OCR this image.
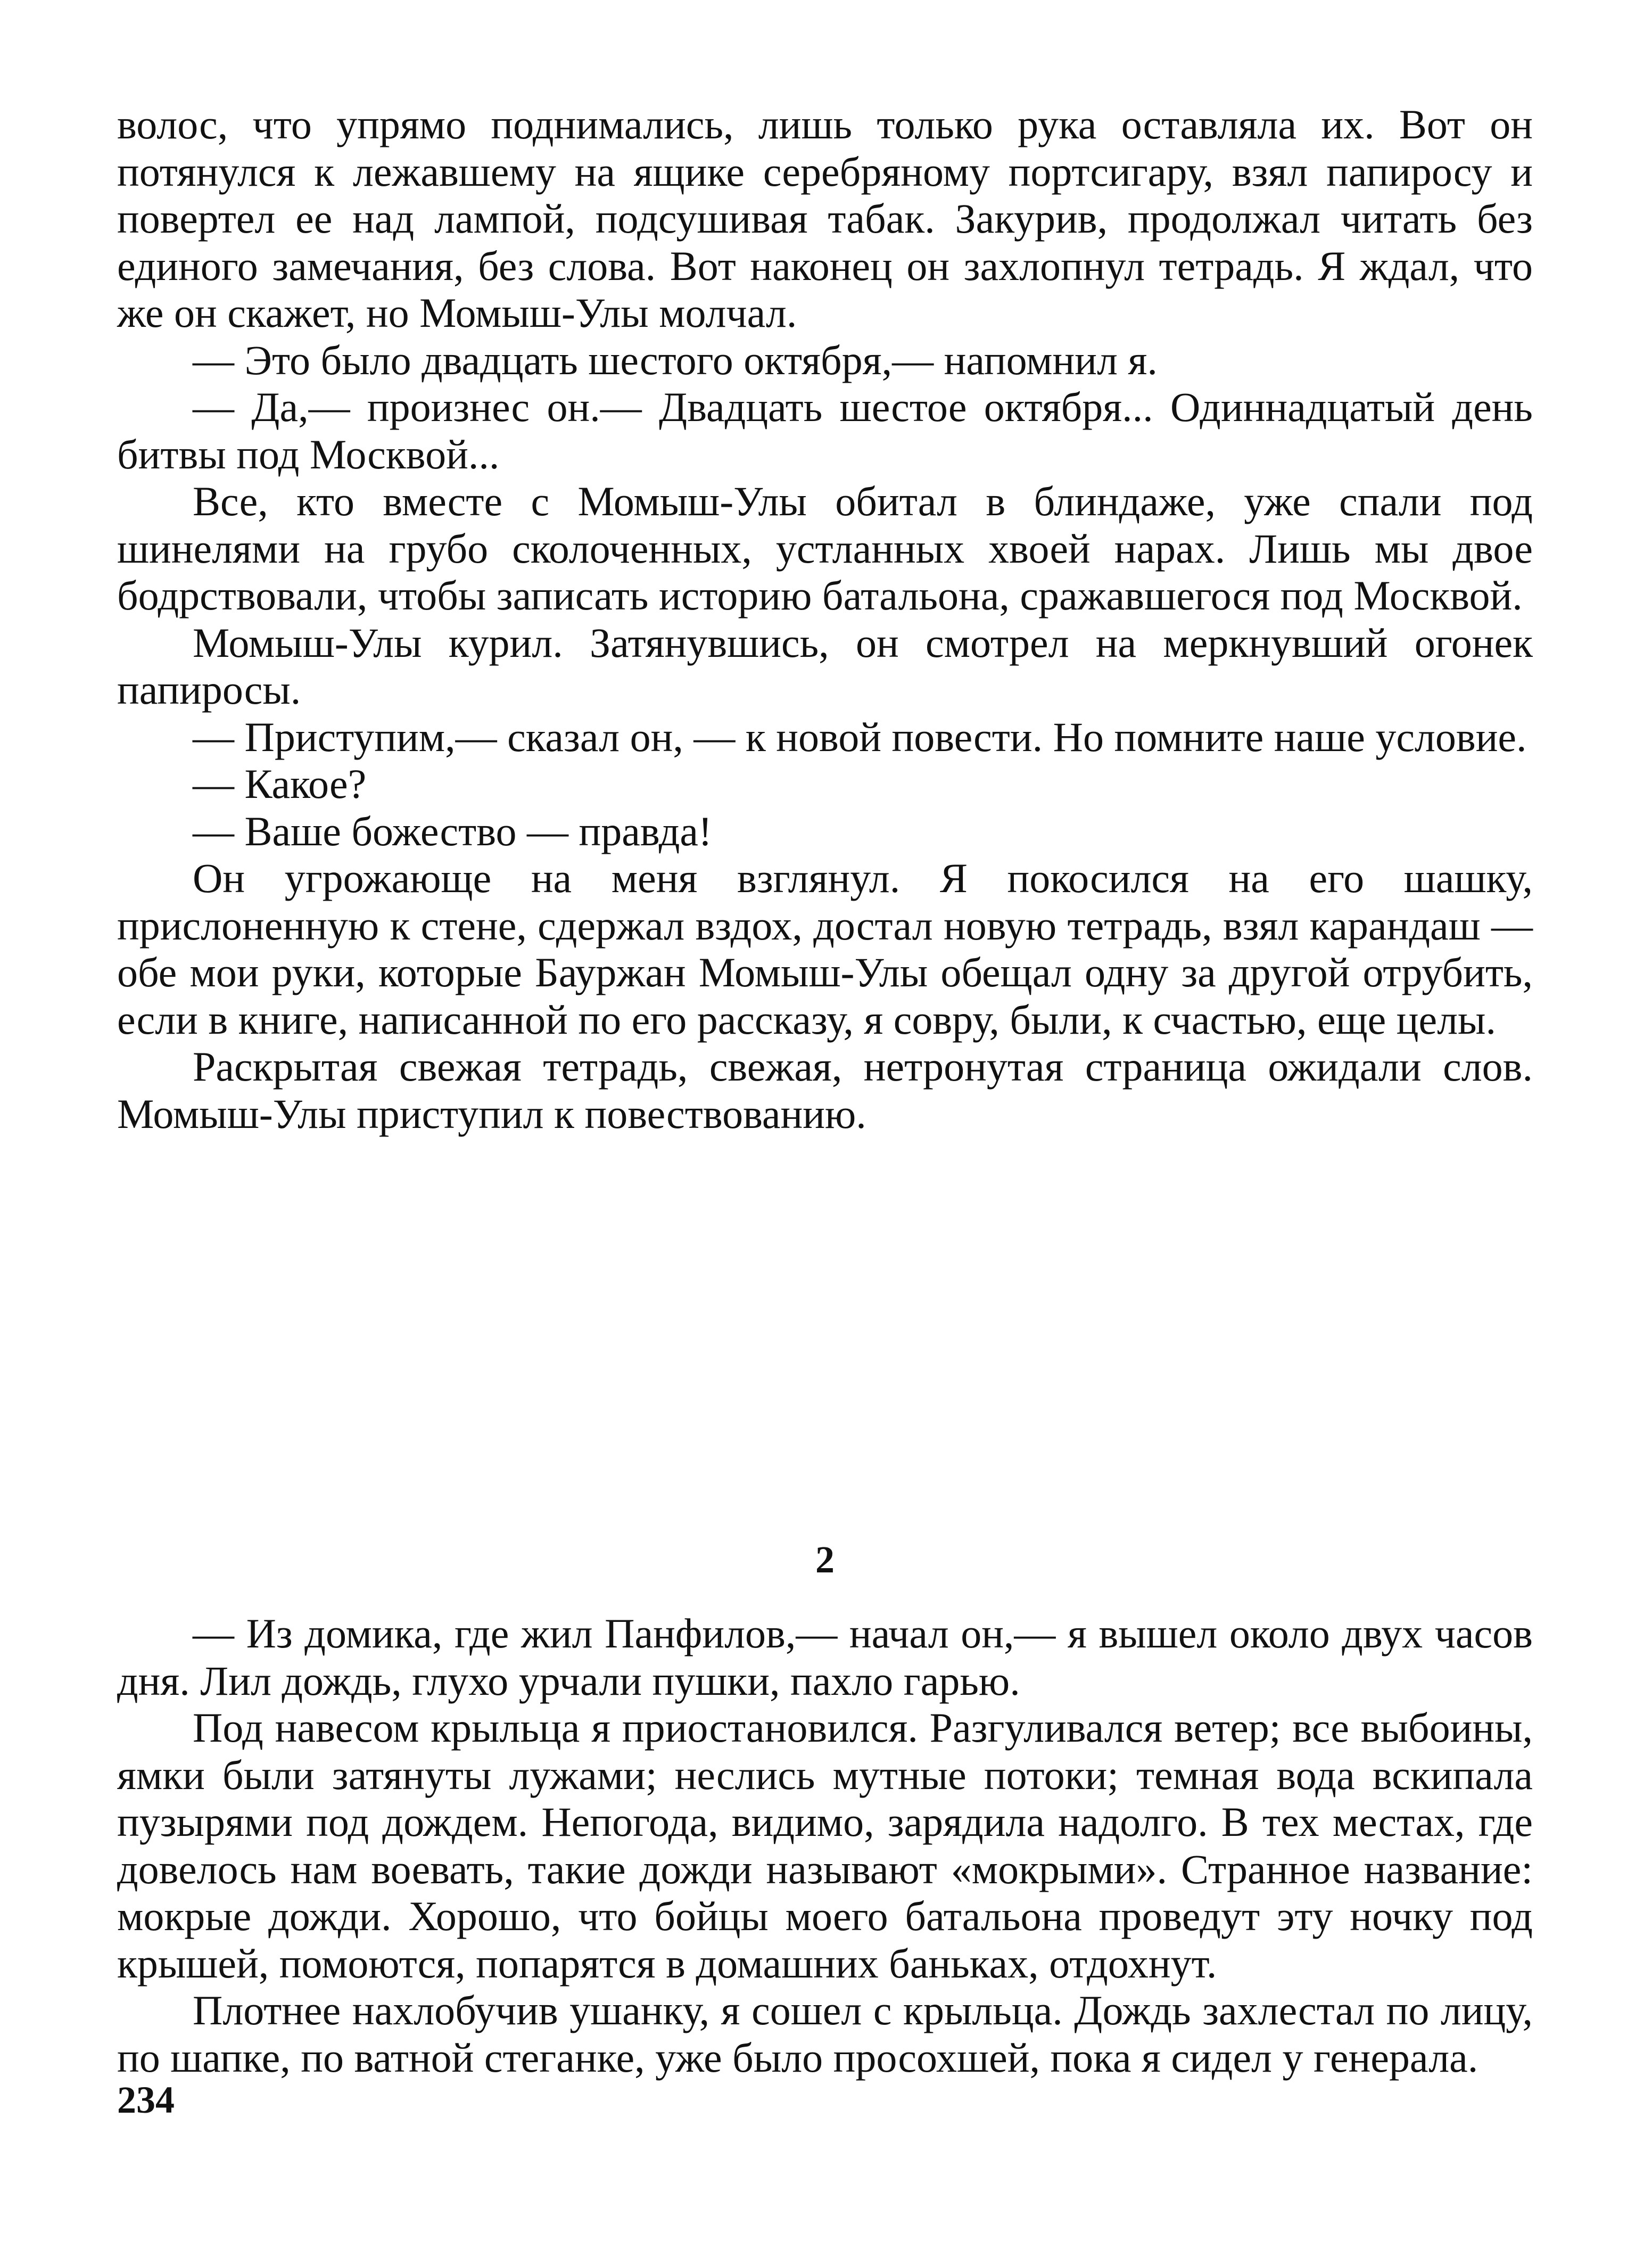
волос, что упрямо поднимались, лишь только рука оставляла их. Вот он потянулся к лежавшему на ящике серебряному портсигару, взял папиросу и повертел ее над лампой, подсушивая табак. Закурив, продолжал читать без единого замечания, без слова. Вот наконец он захлопнул тетрадь. Я ждал, что же он скажет, но Момыш-Улы молчал.

— Это было двадцать шестого октября,— напомнил я.

— Да,— произнес он.— Двадцать шестое октября... Одиннадцатый день битвы под Москвой...

Все, кто вместе с Момыш-Улы обитал в блиндаже, уже спали под шинелями на грубо сколоченных, устланных хвоей нарах. Лишь мы двое бодрствовали, чтобы записать историю батальона, сражавшегося под Москвой.

Момыш-Улы курил. Затянувшись, он смотрел на меркнувший огонек папиросы.

— Приступим,— сказал он, — к новой повести. Но помните наше условие.

— Какое?

— Ваше божество — правда!

Он угрожающе на меня взглянул. Я покосился на его шашку, прислоненную к стене, сдержал вздох, достал новую тетрадь, взял карандаш — обе мои руки, которые Бауржан Момыш-Улы обещал одну за другой отрубить, если в книге, написанной по его рассказу, я совру, были, к счастью, еще целы.

Раскрытая свежая тетрадь, свежая, нетронутая страница ожидали слов. Момыш-Улы приступил к повествованию.

2

— Из домика, где жил Панфилов,— начал он,— я вышел около двух часов дня. Лил дождь, глухо урчали пушки, пахло гарью.

Под навесом крыльца я приостановился. Разгуливался ветер; все выбоины, ямки были затянуты лужами; неслись мутные потоки; темная вода вскипала пузырями под дождем. Непогода, видимо, зарядила надолго. В тех местах, где довелось нам воевать, такие дожди называют «мокрыми». Странное название: мокрые дожди. Хорошо, что бойцы моего батальона проведут эту ночку под крышей, помоются, попарятся в домашних баньках, отдохнут.

Плотнее нахлобучив ушанку, я сошел с крыльца. Дождь захлестал по лицу, по шапке, по ватной стеганке, уже было просохшей, пока я сидел у генерала.

234
